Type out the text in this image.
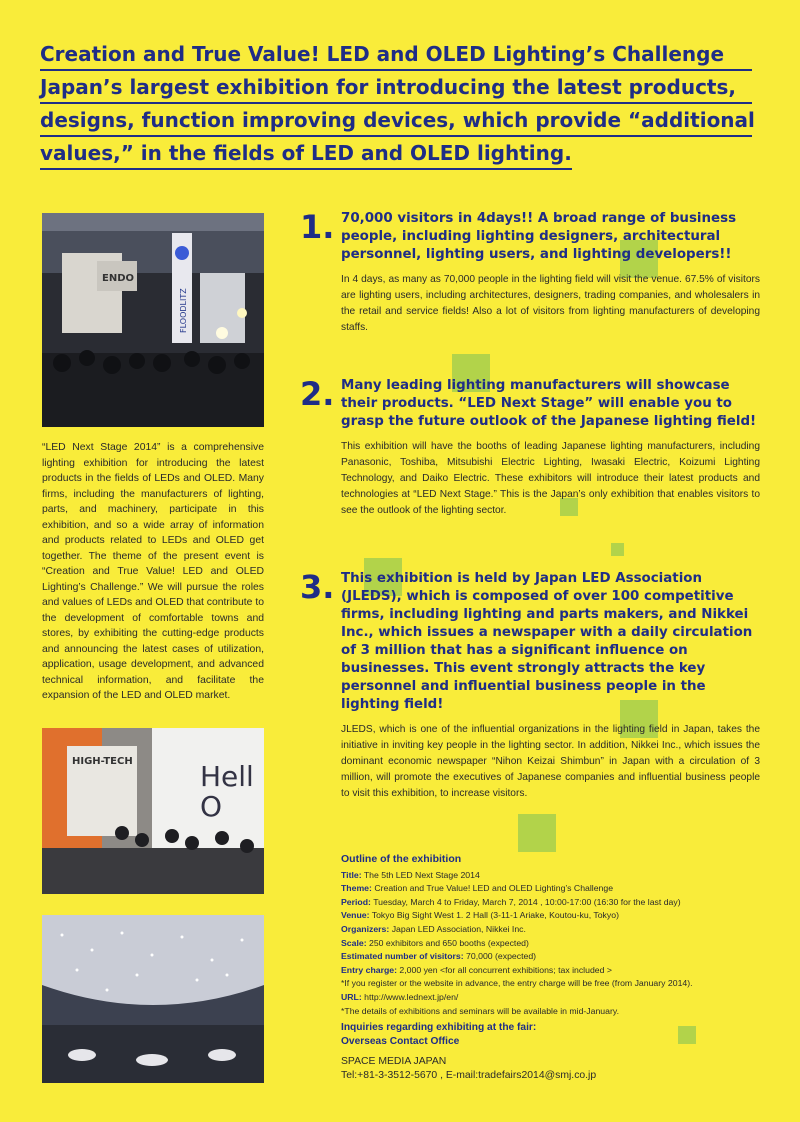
Creation and True Value! LED and OLED Lighting’s Challenge
Japan’s largest exhibition for introducing the latest products,
designs, function improving devices, which provide “additional
values,” in the fields of LED and OLED lighting.
ENDO
FLOODLITZ
“LED Next Stage 2014” is a comprehensive lighting exhibition for introducing the latest products in the fields of LEDs and OLED. Many firms, including the manufacturers of lighting, parts, and machinery, participate in this exhibition, and so a wide array of information and products related to LEDs and OLED get together. The theme of the present event is “Creation and True Value! LED and OLED Lighting’s Challenge.” We will pursue the roles and values of LEDs and OLED that contribute to the development of comfortable towns and stores, by exhibiting the cutting-edge products and announcing the latest cases of utilization, application, usage development, and advanced technical information, and facilitate the expansion of the LED and OLED market.
HIGH-TECH Hell
O
1. 70,000 visitors in 4days!! A broad range of business people, including lighting designers, architectural personnel, lighting users, and lighting developers!!

In 4 days, as many as 70,000 people in the lighting field will visit the venue. 67.5% of visitors are lighting users, including architectures, designers, trading companies, and wholesalers in the retail and service fields! Also a lot of visitors from lighting manufacturers of developing staffs.

2. Many leading lighting manufacturers will showcase their products. “LED Next Stage” will enable you to grasp the future outlook of the Japanese lighting field!

This exhibition will have the booths of leading Japanese lighting manufacturers, including Panasonic, Toshiba, Mitsubishi Electric Lighting, Iwasaki Electric, Koizumi Lighting Technology, and Daiko Electric. These exhibitors will introduce their latest products and technologies at “LED Next Stage.” This is the Japan’s only exhibition that enables visitors to see the outlook of the lighting sector.

3. This exhibition is held by Japan LED Association (JLEDS), which is composed of over 100 competitive firms, including lighting and parts makers, and Nikkei Inc., which issues a newspaper with a daily circulation of 3 million that has a significant influence on businesses. This event strongly attracts the key personnel and influential business people in the lighting field!

JLEDS, which is one of the influential organizations in the lighting field in Japan, takes the initiative in inviting key people in the lighting sector. In addition, Nikkei Inc., which issues the dominant economic newspaper “Nihon Keizai Shimbun” in Japan with a circulation of 3 million, will promote the executives of Japanese companies and influential business people to visit this exhibition, to increase visitors.

Outline of the exhibition
Title: The 5th LED Next Stage 2014
Theme: Creation and True Value! LED and OLED Lighting’s Challenge
Period: Tuesday, March 4 to Friday, March 7, 2014 , 10:00-17:00 (16:30 for the last day)
Venue: Tokyo Big Sight West 1. 2 Hall (3-11-1 Ariake, Koutou-ku, Tokyo)
Organizers: Japan LED Association, Nikkei Inc.
Scale: 250 exhibitors and 650 booths (expected)
Estimated number of visitors: 70,000 (expected)
Entry charge: 2,000 yen <for all concurrent exhibitions; tax included >
*If you register or the website in advance, the entry charge will be free (from January 2014).
URL: http://www.lednext.jp/en/
*The details of exhibitions and seminars will be available in mid-January.
Inquiries regarding exhibiting at the fair:
Overseas Contact Office
SPACE MEDIA JAPAN
Tel:+81-3-3512-5670 , E-mail:tradefairs2014@smj.co.jp
